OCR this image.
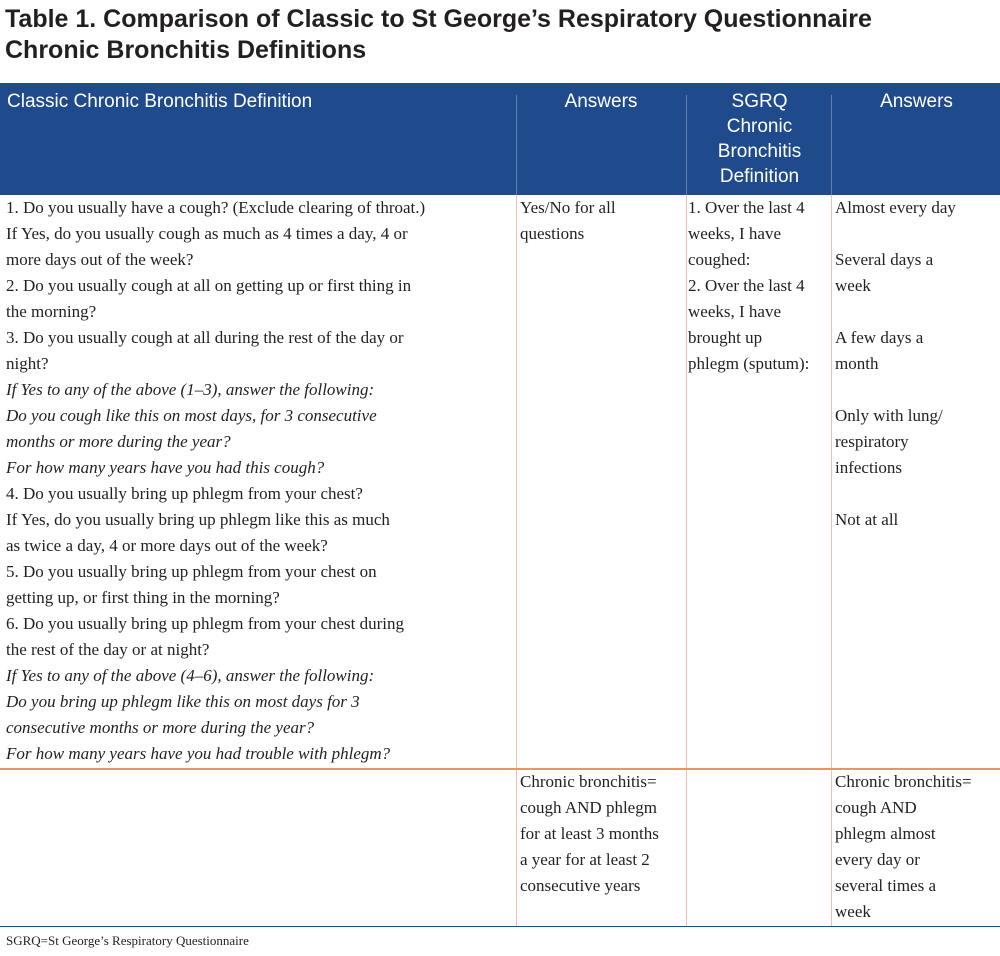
Table 1. Comparison of Classic to St George’s Respiratory Questionnaire
Chronic Bronchitis Definitions
Classic Chronic Bronchitis Definition	Answers	SGRQ
Chronic
Bronchitis
Definition
Answers
1. Do you usually have a cough? (Exclude clearing of throat.)
If Yes, do you usually cough as much as 4 times a day, 4 or
more days out of the week?
2. Do you usually cough at all on getting up or first thing in
the morning?
3. Do you usually cough at all during the rest of the day or
night?
If Yes to any of the above (1–3), answer the following:
Do you cough like this on most days, for 3 consecutive
months or more during the year?
For how many years have you had this cough?
4. Do you usually bring up phlegm from your chest?
If Yes, do you usually bring up phlegm like this as much
as twice a day, 4 or more days out of the week?
5. Do you usually bring up phlegm from your chest on
getting up, or first thing in the morning?
6. Do you usually bring up phlegm from your chest during
the rest of the day or at night?
If Yes to any of the above (4–6), answer the following:
Do you bring up phlegm like this on most days for 3
consecutive months or more during the year?
For how many years have you had trouble with phlegm?
Yes/No for all
questions
1. Over the last 4
weeks, I have
coughed:
2. Over the last 4
weeks, I have
brought up
phlegm (sputum):
Almost every day
Several days a
week
A few days a
month
Only with lung/
respiratory
infections
Not at all
Chronic bronchitis=
cough AND phlegm
for at least 3 months
a year for at least 2
consecutive years
Chronic bronchitis=
cough AND
phlegm almost
every day or
several times a
week
SGRQ=St George’s Respiratory Questionnaire
